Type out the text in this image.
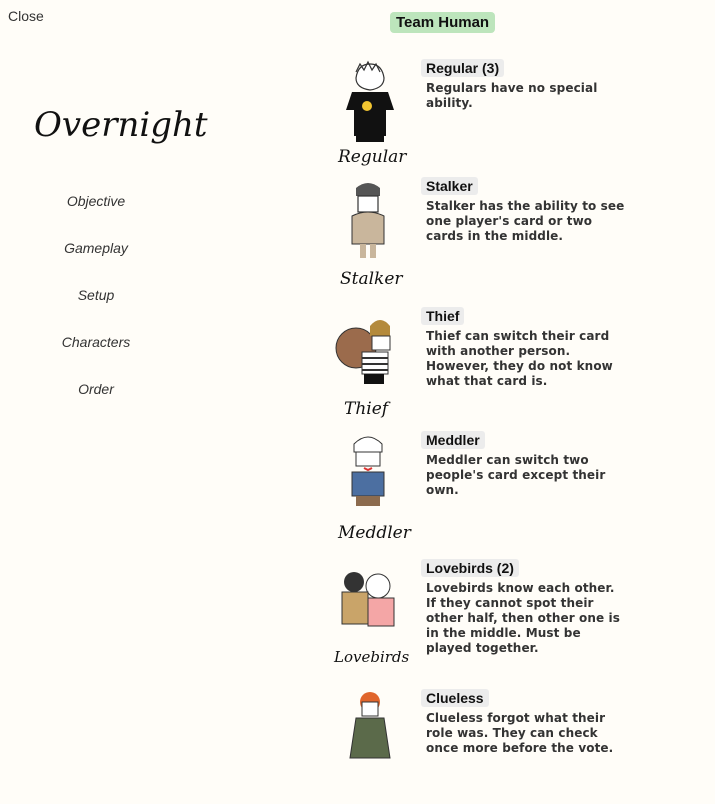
Close
Overnight
Objective
Gameplay
Setup
Characters
Order
Team Human
Regular
Regular (3)
Regulars have no special ability.
Stalker
Stalker
Stalker has the ability to see one player's card or two cards in the middle.
Thief
Thief
Thief can switch their card with another person. However, they do not know what that card is.
Meddler
Meddler
Meddler can switch two people's card except their own.
Lovebirds
Lovebirds (2)
Lovebirds know each other. If they cannot spot their other half, then other one is in the middle. Must be played together.
Clueless
Clueless forgot what their role was. They can check once more before the vote.
